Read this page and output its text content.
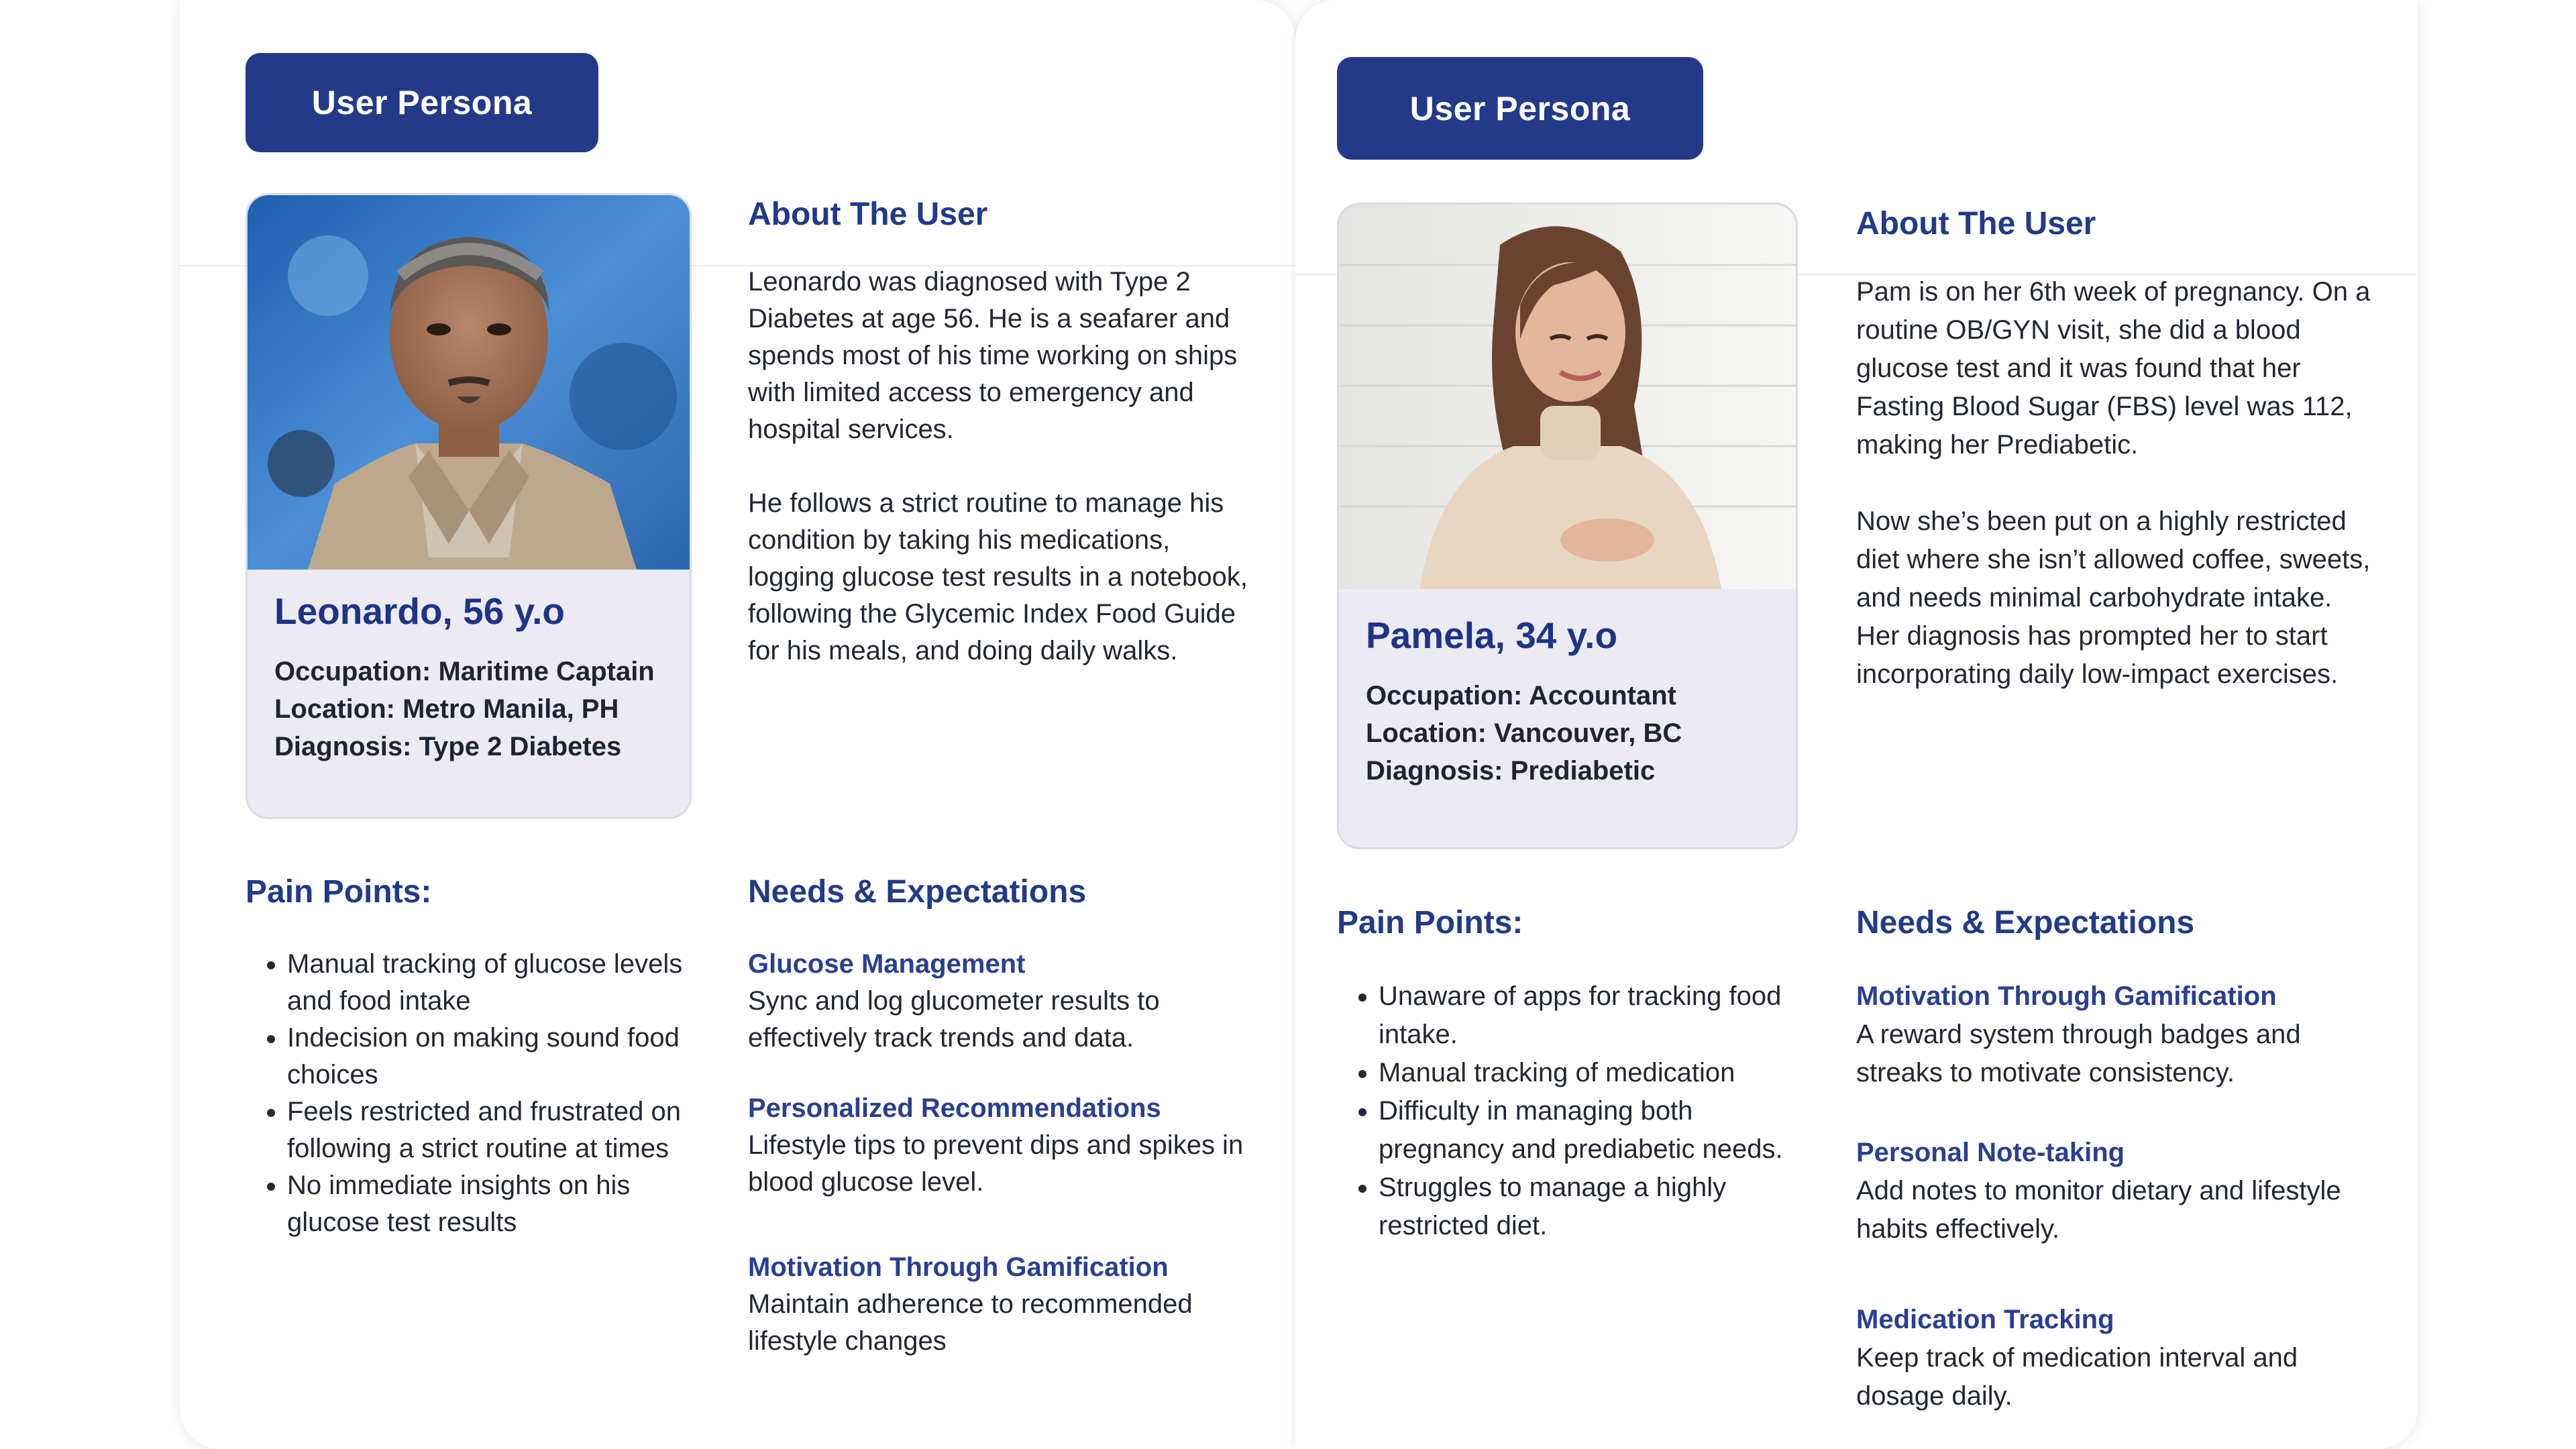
User Persona
Leonardo, 56 y.o
Occupation: Maritime Captain
Location: Metro Manila, PH
Diagnosis: Type 2 Diabetes
About The User

Leonardo was diagnosed with Type 2 Diabetes at age 56. He is a seafarer and spends most of his time working on ships with limited access to emergency and hospital services.

He follows a strict routine to manage his condition by taking his medications, logging glucose test results in a notebook, following the Glycemic Index Food Guide for his meals, and doing daily walks.

Pain Points:
• Manual tracking of glucose levels and food intake
• Indecision on making sound food choices
• Feels restricted and frustrated on following a strict routine at times
• No immediate insights on his glucose test results
Needs & Expectations
Glucose Management
Sync and log glucometer results to effectively track trends and data.
Personalized Recommendations
Lifestyle tips to prevent dips and spikes in blood glucose level.
Motivation Through Gamification
Maintain adherence to recommended lifestyle changes
User Persona
Pamela, 34 y.o
Occupation: Accountant
Location: Vancouver, BC
Diagnosis: Prediabetic
About The User

Pam is on her 6th week of pregnancy. On a routine OB/GYN visit, she did a blood glucose test and it was found that her Fasting Blood Sugar (FBS) level was 112, making her Prediabetic.

Now she’s been put on a highly restricted diet where she isn’t allowed coffee, sweets, and needs minimal carbohydrate intake. Her diagnosis has prompted her to start incorporating daily low-impact exercises.

Pain Points:
• Unaware of apps for tracking food intake.
• Manual tracking of medication
• Difficulty in managing both pregnancy and prediabetic needs.
• Struggles to manage a highly restricted diet.
Needs & Expectations
Motivation Through Gamification
A reward system through badges and streaks to motivate consistency.
Personal Note-taking
Add notes to monitor dietary and lifestyle habits effectively.
Medication Tracking
Keep track of medication interval and dosage daily.
